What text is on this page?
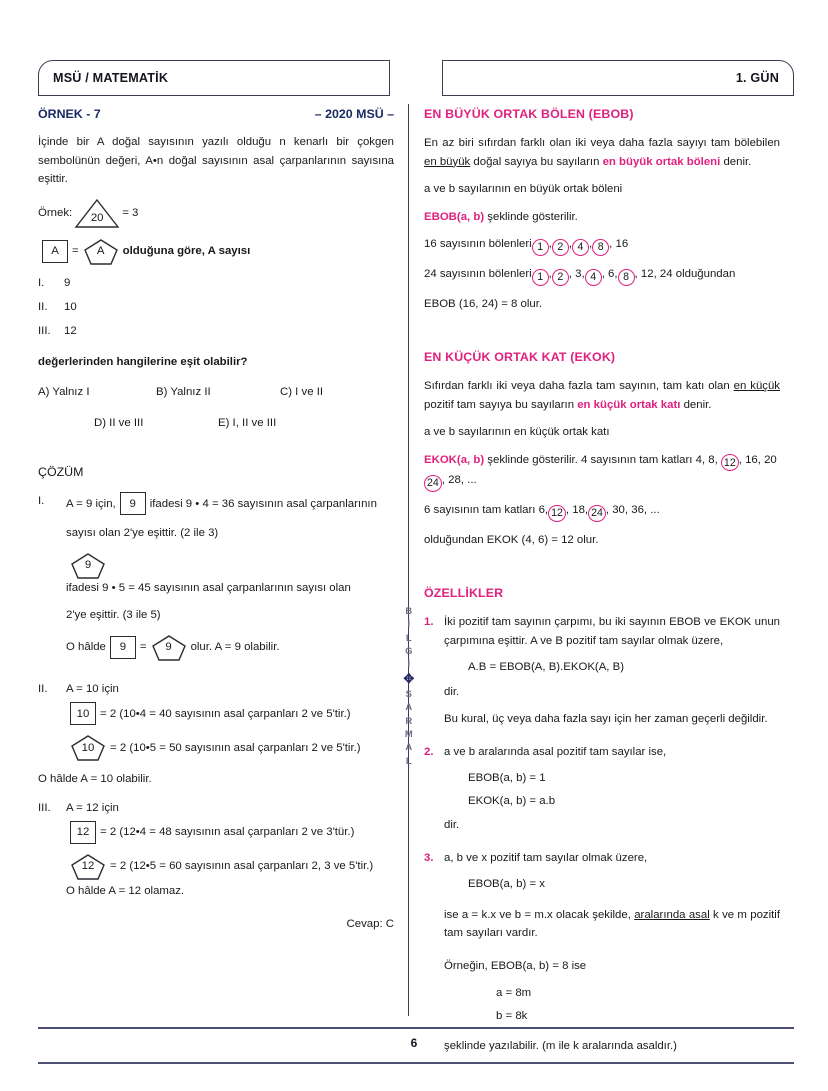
MSÜ / MATEMATİK	1. GÜN
ÖRNEK - 7	– 2020 MSÜ –

İçinde bir A doğal sayısının yazılı olduğu n kenarlı bir çokgen sembolünün değeri, A•n doğal sayısının asal çarpanlarının sayısına eşittir.

Örnek: 20 = 3
A = A olduğuna göre, A sayısı
I.	9
II.	10
III.	12

değerlerinden hangilerine eşit olabilir?

A) Yalnız I	B) Yalnız II	C) I ve II
D) II ve III	E) I, II ve III

ÇÖZÜM

I.	A = 9 için, 9 ifadesi 9 • 4 = 36 sayısının asal çarpanlarının
sayısı olan 2'ye eşittir. (2 ile 3)
9
ifadesi 9 • 5 = 45 sayısının asal çarpanlarının sayısı olan
2'ye eşittir. (3 ile 5)
O hâlde 9 = 9 olur. A = 9 olabilir.
II.	A = 10 için
10 = 2 (10•4 = 40 sayısının asal çarpanları 2 ve 5'tir.)
10 = 2 (10•5 = 50 sayısının asal çarpanları 2 ve 5'tir.)

O hâlde A = 10 olabilir.

III.	A = 12 için
12 = 2 (12•4 = 48 sayısının asal çarpanları 2 ve 3'tür.)
12 = 2 (12•5 = 60 sayısının asal çarpanları 2, 3 ve 5'tir.)

O hâlde A = 12 olamaz.

Cevap: C

EN BÜYÜK ORTAK BÖLEN (EBOB)

En az biri sıfırdan farklı olan iki veya daha fazla sayıyı tam bölebilen en büyük doğal sayıya bu sayıların en büyük ortak böleni denir.

a ve b sayılarının en büyük ortak böleni

EBOB(a, b) şeklinde gösterilir.

16 sayısının bölenleri 1 , 2 , 4 , 8 , 16

24 sayısının bölenleri 1 , 2 , 3, 4 , 6, 8 , 12, 24 olduğundan

EBOB (16, 24) = 8 olur.

EN KÜÇÜK ORTAK KAT (EKOK)

Sıfırdan farklı iki veya daha fazla tam sayının, tam katı olan en küçük pozitif tam sayıya bu sayıların en küçük ortak katı denir.

a ve b sayılarının en küçük ortak katı

EKOK(a, b) şeklinde gösterilir. 4 sayısının tam katları 4, 8, 12 , 16, 2024 , 28, ...

6 sayısının tam katları 6, 12 , 18, 24 , 30, 36, ...

olduğundan EKOK (4, 6) = 12 olur.

ÖZELLİKLER

1. İki pozitif tam sayının çarpımı, bu iki sayının EBOB ve EKOK unun çarpımına eşittir. A ve B pozitif tam sayılar olmak üzere,

A.B = EBOB(A, B).EKOK(A, B)

dir.

Bu kural, üç veya daha fazla sayı için her zaman geçerli değildir.

2. a ve b aralarında asal pozitif tam sayılar ise,

EBOB(a, b) = 1

EKOK(a, b) = a.b

dir.

3. a, b ve x pozitif tam sayılar olmak üzere,

EBOB(a, b) = x

ise a = k.x ve b = m.x olacak şekilde, aralarında asal k ve m pozitif tam sayıları vardır.

Örneğin, EBOB(a, b) = 8 ise

a = 8m

b = 8k

şeklinde yazılabilir. (m ile k aralarında asaldır.)

B
İ
L
G
İ
✥
S
A
R
M
A
L
6
